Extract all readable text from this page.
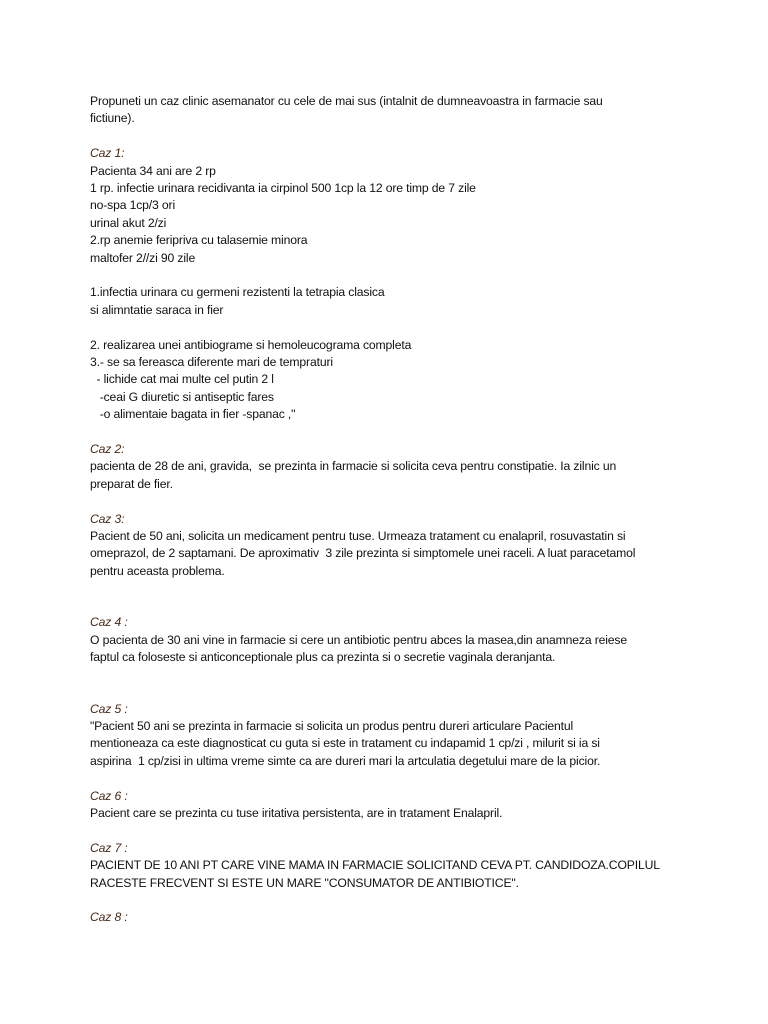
Propuneti un caz clinic asemanator cu cele de mai sus (intalnit de dumneavoastra in farmacie sau
fictiune).
Caz 1:
Pacienta 34 ani are 2 rp
1 rp. infectie urinara recidivanta ia cirpinol 500 1cp la 12 ore timp de 7 zile
no-spa 1cp/3 ori
urinal akut 2/zi
2.rp anemie feripriva cu talasemie minora
maltofer 2//zi 90 zile
1.infectia urinara cu germeni rezistenti la tetrapia clasica
si alimntatie saraca in fier
2. realizarea unei antibiograme si hemoleucograma completa
3.- se sa fereasca diferente mari de tempraturi
- lichide cat mai multe cel putin 2 l
-ceai G diuretic si antiseptic fares
-o alimentaie bagata in fier -spanac ,"
Caz 2:
pacienta de 28 de ani, gravida,  se prezinta in farmacie si solicita ceva pentru constipatie. Ia zilnic un
preparat de fier.
Caz 3:
Pacient de 50 ani, solicita un medicament pentru tuse. Urmeaza tratament cu enalapril, rosuvastatin si
omeprazol, de 2 saptamani. De aproximativ  3 zile prezinta si simptomele unei raceli. A luat paracetamol
pentru aceasta problema.
Caz 4 :
O pacienta de 30 ani vine in farmacie si cere un antibiotic pentru abces la masea,din anamneza reiese
faptul ca foloseste si anticonceptionale plus ca prezinta si o secretie vaginala deranjanta.
Caz 5 :
"Pacient 50 ani se prezinta in farmacie si solicita un produs pentru dureri articulare Pacientul
mentioneaza ca este diagnosticat cu guta si este in tratament cu indapamid 1 cp/zi , milurit si ia si
aspirina  1 cp/zisi in ultima vreme simte ca are dureri mari la artculatia degetului mare de la picior.
Caz 6 :
Pacient care se prezinta cu tuse iritativa persistenta, are in tratament Enalapril.
Caz 7 :
PACIENT DE 10 ANI PT CARE VINE MAMA IN FARMACIE SOLICITAND CEVA PT. CANDIDOZA.COPILUL
RACESTE FRECVENT SI ESTE UN MARE "CONSUMATOR DE ANTIBIOTICE".
Caz 8 :
